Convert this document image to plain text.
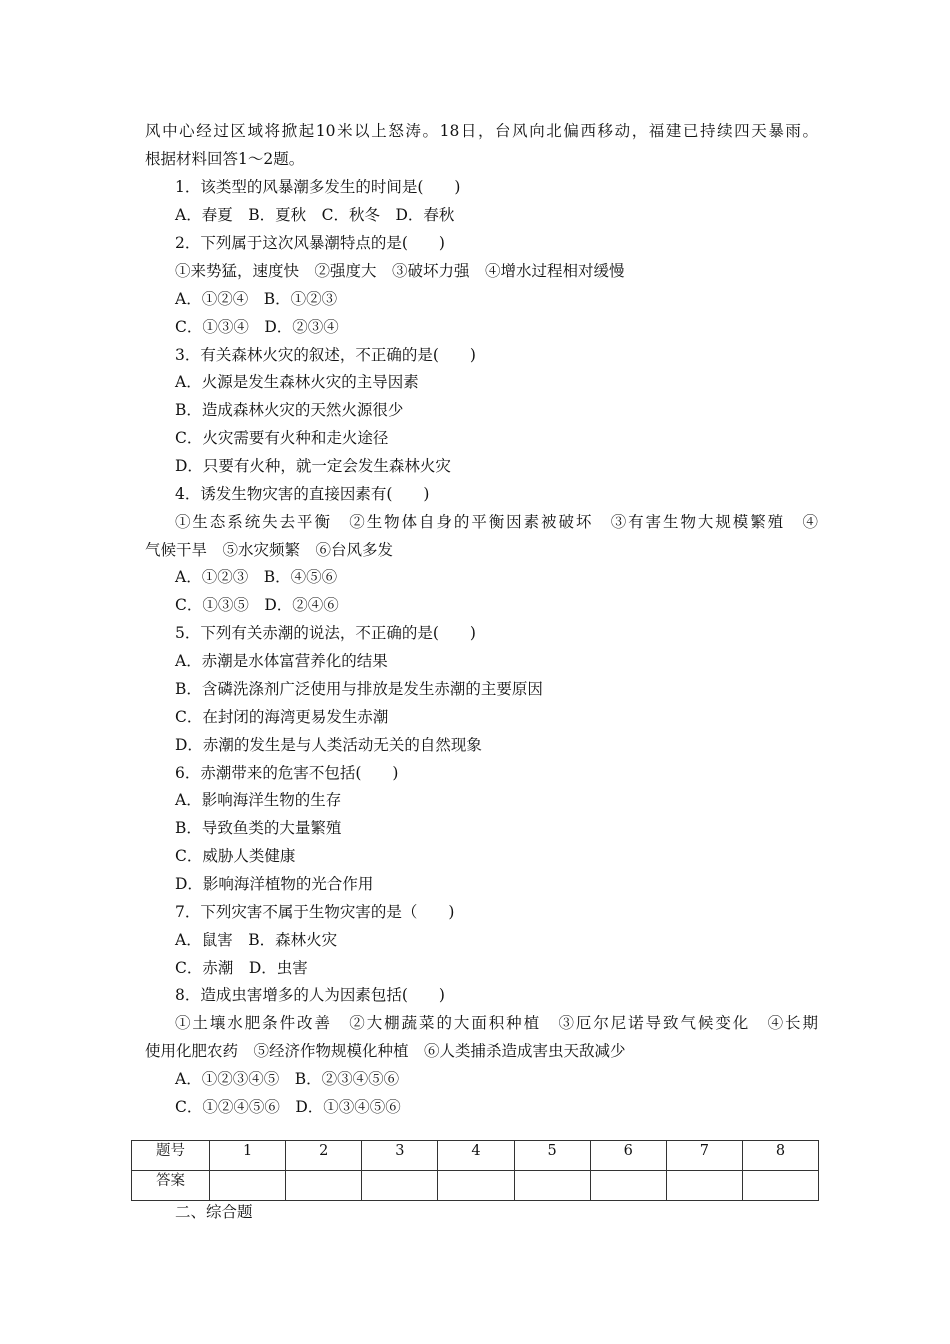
风中心经过区域将掀起10米以上怒涛。18日，台风向北偏西移动，福建已持续四天暴雨。
根据材料回答1～2题。
1．该类型的风暴潮多发生的时间是(　　)
A．春夏　B．夏秋　C．秋冬　D．春秋
2．下列属于这次风暴潮特点的是(　　)
①来势猛，速度快　②强度大　③破坏力强　④增水过程相对缓慢
A．①②④　B．①②③
C．①③④　D．②③④
3．有关森林火灾的叙述，不正确的是(　　)
A．火源是发生森林火灾的主导因素
B．造成森林火灾的天然火源很少
C．火灾需要有火种和走火途径
D．只要有火种，就一定会发生森林火灾
4．诱发生物灾害的直接因素有(　　)
①生态系统失去平衡　②生物体自身的平衡因素被破坏　③有害生物大规模繁殖　④
气候干旱　⑤水灾频繁　⑥台风多发
A．①②③　B．④⑤⑥
C．①③⑤　D．②④⑥
5．下列有关赤潮的说法，不正确的是(　　)
A．赤潮是水体富营养化的结果
B．含磷洗涤剂广泛使用与排放是发生赤潮的主要原因
C．在封闭的海湾更易发生赤潮
D．赤潮的发生是与人类活动无关的自然现象
6．赤潮带来的危害不包括(　　)
A．影响海洋生物的生存
B．导致鱼类的大量繁殖
C．威胁人类健康
D．影响海洋植物的光合作用
7．下列灾害不属于生物灾害的是（　　)
A．鼠害　B．森林火灾
C．赤潮　D．虫害
8．造成虫害增多的人为因素包括(　　)
①土壤水肥条件改善　②大棚蔬菜的大面积种植　③厄尔尼诺导致气候变化　④长期
使用化肥农药　⑤经济作物规模化种植　⑥人类捕杀造成害虫天敌减少
A．①②③④⑤　B．②③④⑤⑥
C．①②④⑤⑥　D．①③④⑤⑥
题号	1	2	3	4	5	6	7	8
答案								
二、综合题
